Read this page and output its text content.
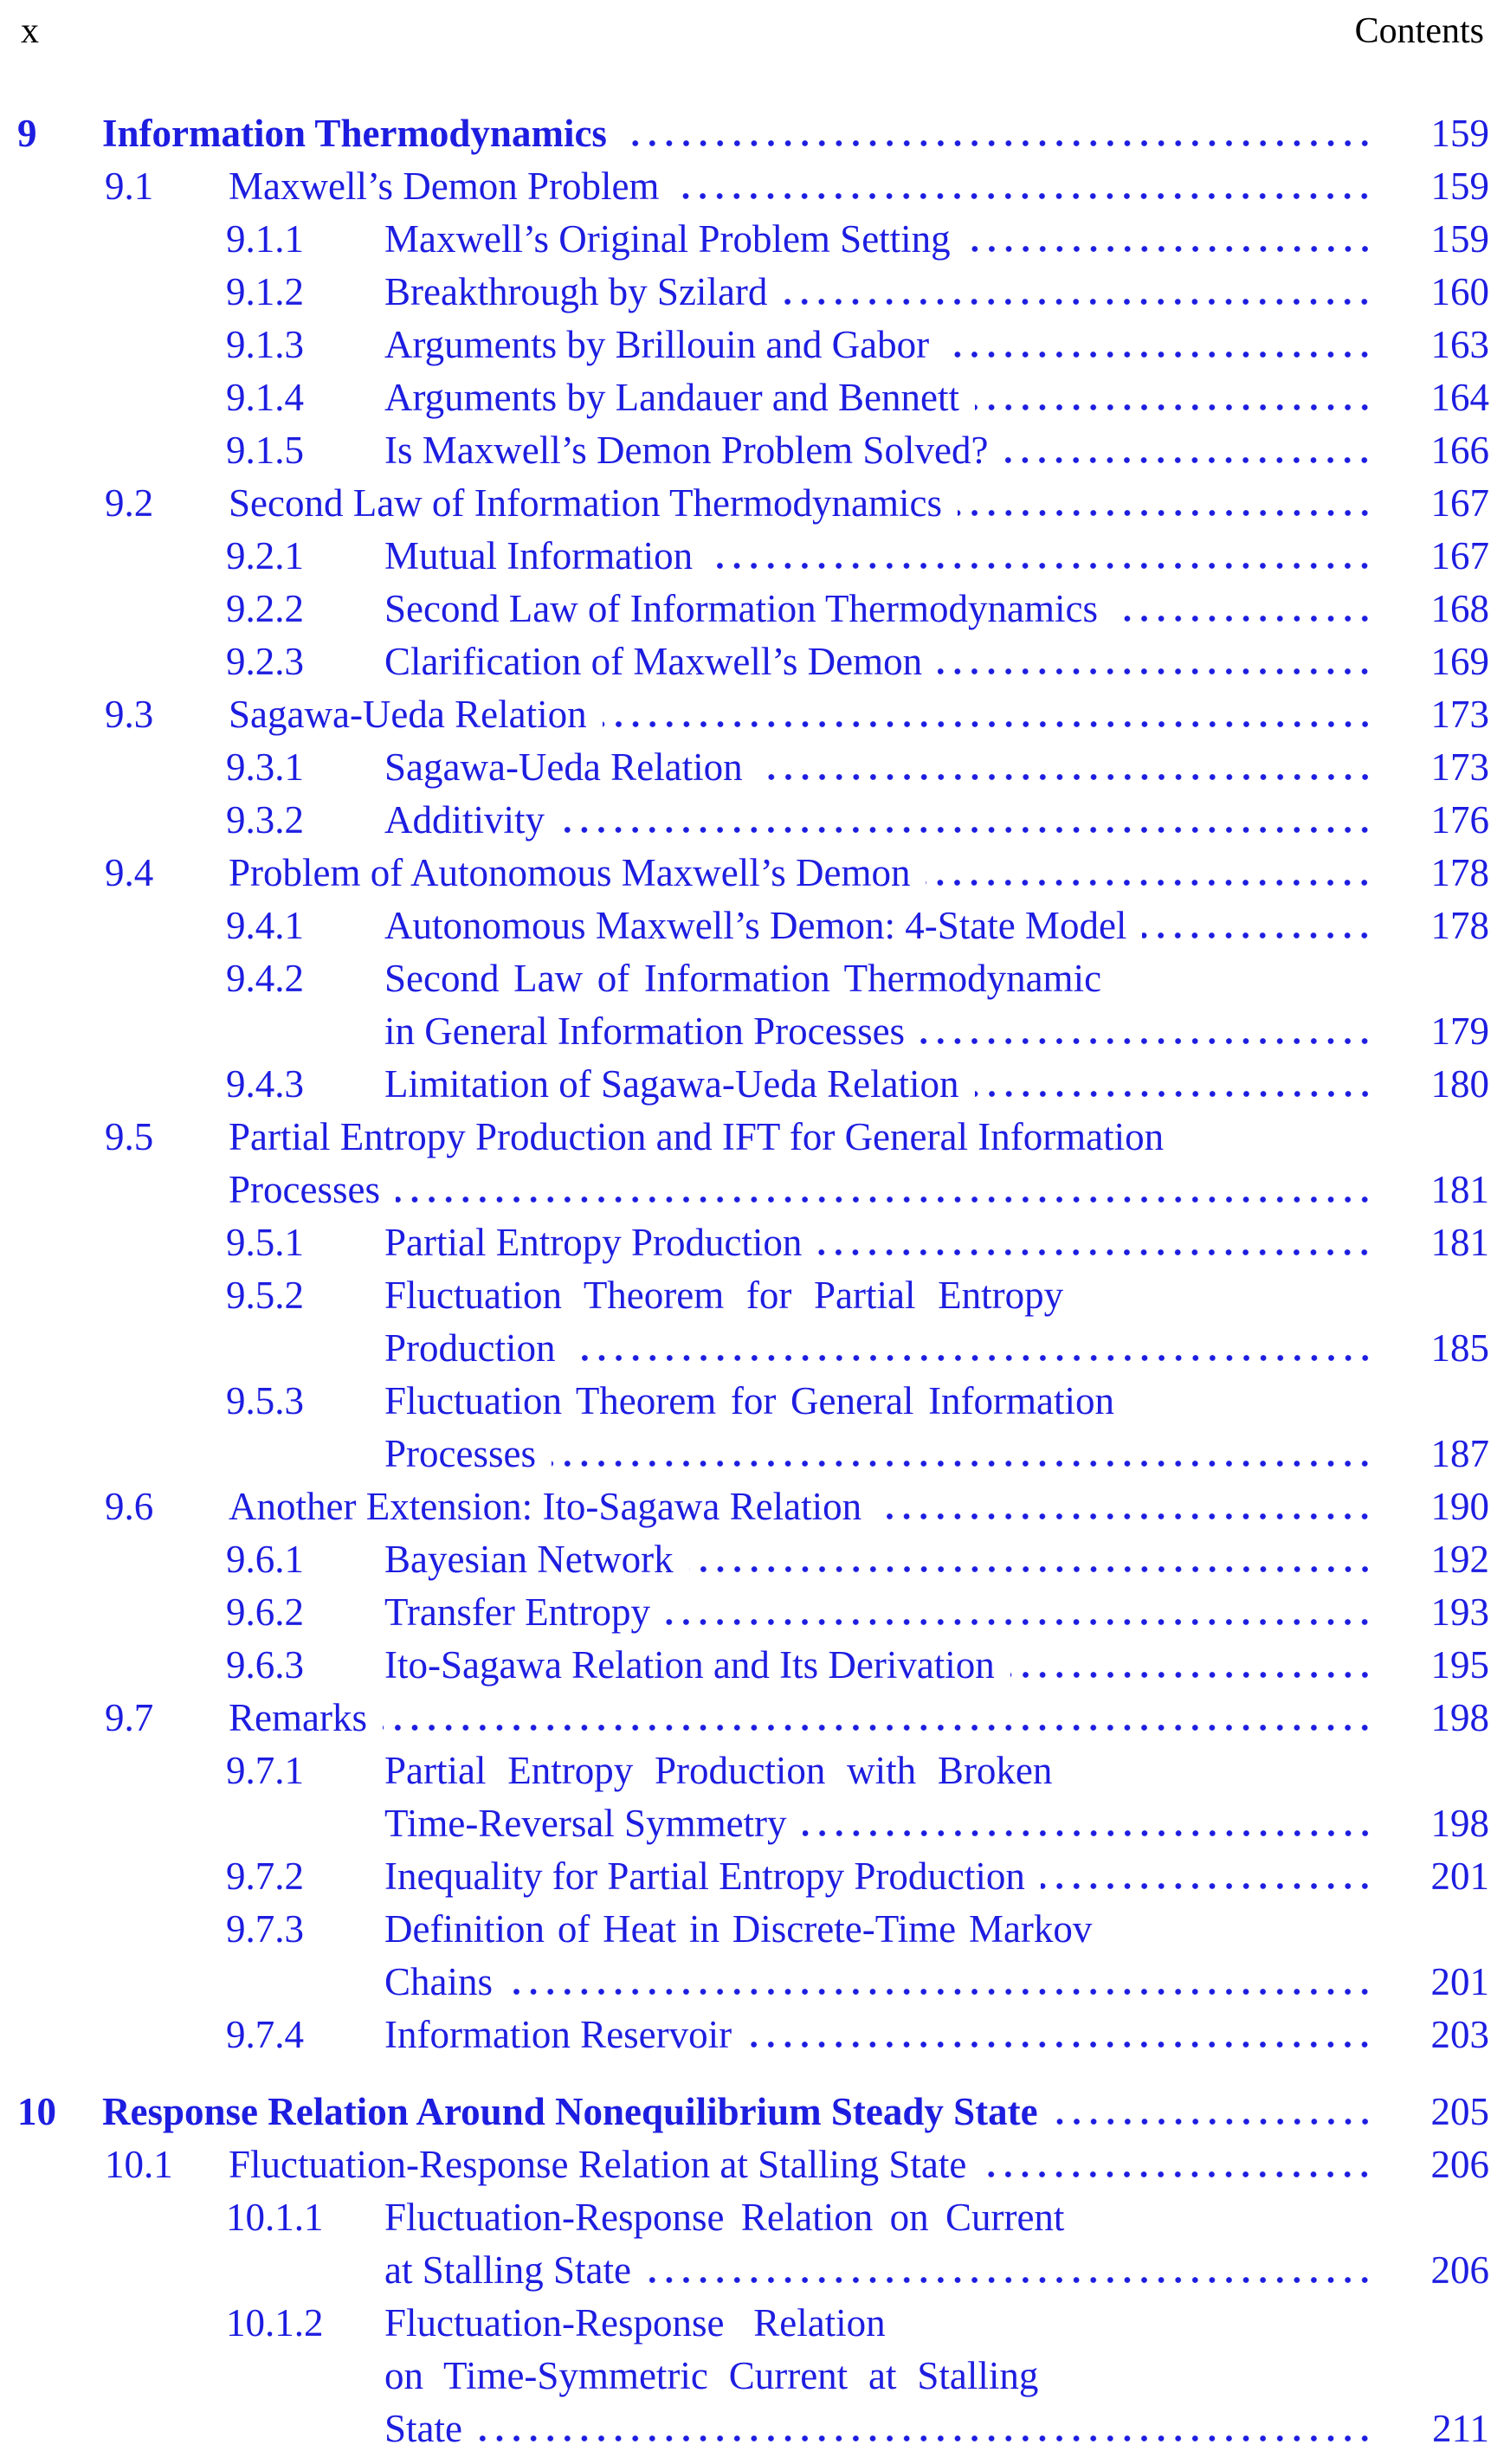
x	Contents
9 Information Thermodynamics	159
9.1 Maxwell’s Demon Problem	159
9.1.1 Maxwell’s Original Problem Setting	159
9.1.2 Breakthrough by Szilard	160
9.1.3 Arguments by Brillouin and Gabor	163
9.1.4 Arguments by Landauer and Bennett	164
9.1.5 Is Maxwell’s Demon Problem Solved?	166
9.2 Second Law of Information Thermodynamics	167
9.2.1 Mutual Information	167
9.2.2 Second Law of Information Thermodynamics	168
9.2.3 Clarification of Maxwell’s Demon	169
9.3 Sagawa-Ueda Relation	173
9.3.1 Sagawa-Ueda Relation	173
9.3.2 Additivity	176
9.4 Problem of Autonomous Maxwell’s Demon	178
9.4.1 Autonomous Maxwell’s Demon: 4-State Model	178
9.4.2 Second Law of Information Thermodynamic
in General Information Processes	179
9.4.3 Limitation of Sagawa-Ueda Relation	180
9.5 Partial Entropy Production and IFT for General Information
Processes	181
9.5.1 Partial Entropy Production	181
9.5.2 Fluctuation Theorem for Partial Entropy
Production	185
9.5.3 Fluctuation Theorem for General Information
Processes	187
9.6 Another Extension: Ito-Sagawa Relation	190
9.6.1 Bayesian Network	192
9.6.2 Transfer Entropy	193
9.6.3 Ito-Sagawa Relation and Its Derivation	195
9.7 Remarks	198
9.7.1 Partial Entropy Production with Broken
Time-Reversal Symmetry	198
9.7.2 Inequality for Partial Entropy Production	201
9.7.3 Definition of Heat in Discrete-Time Markov
Chains	201
9.7.4 Information Reservoir	203
10 Response Relation Around Nonequilibrium Steady State	205
10.1 Fluctuation-Response Relation at Stalling State	206
10.1.1 Fluctuation-Response Relation on Current
at Stalling State	206
10.1.2 Fluctuation-Response Relation
on Time-Symmetric Current at Stalling
State	211
